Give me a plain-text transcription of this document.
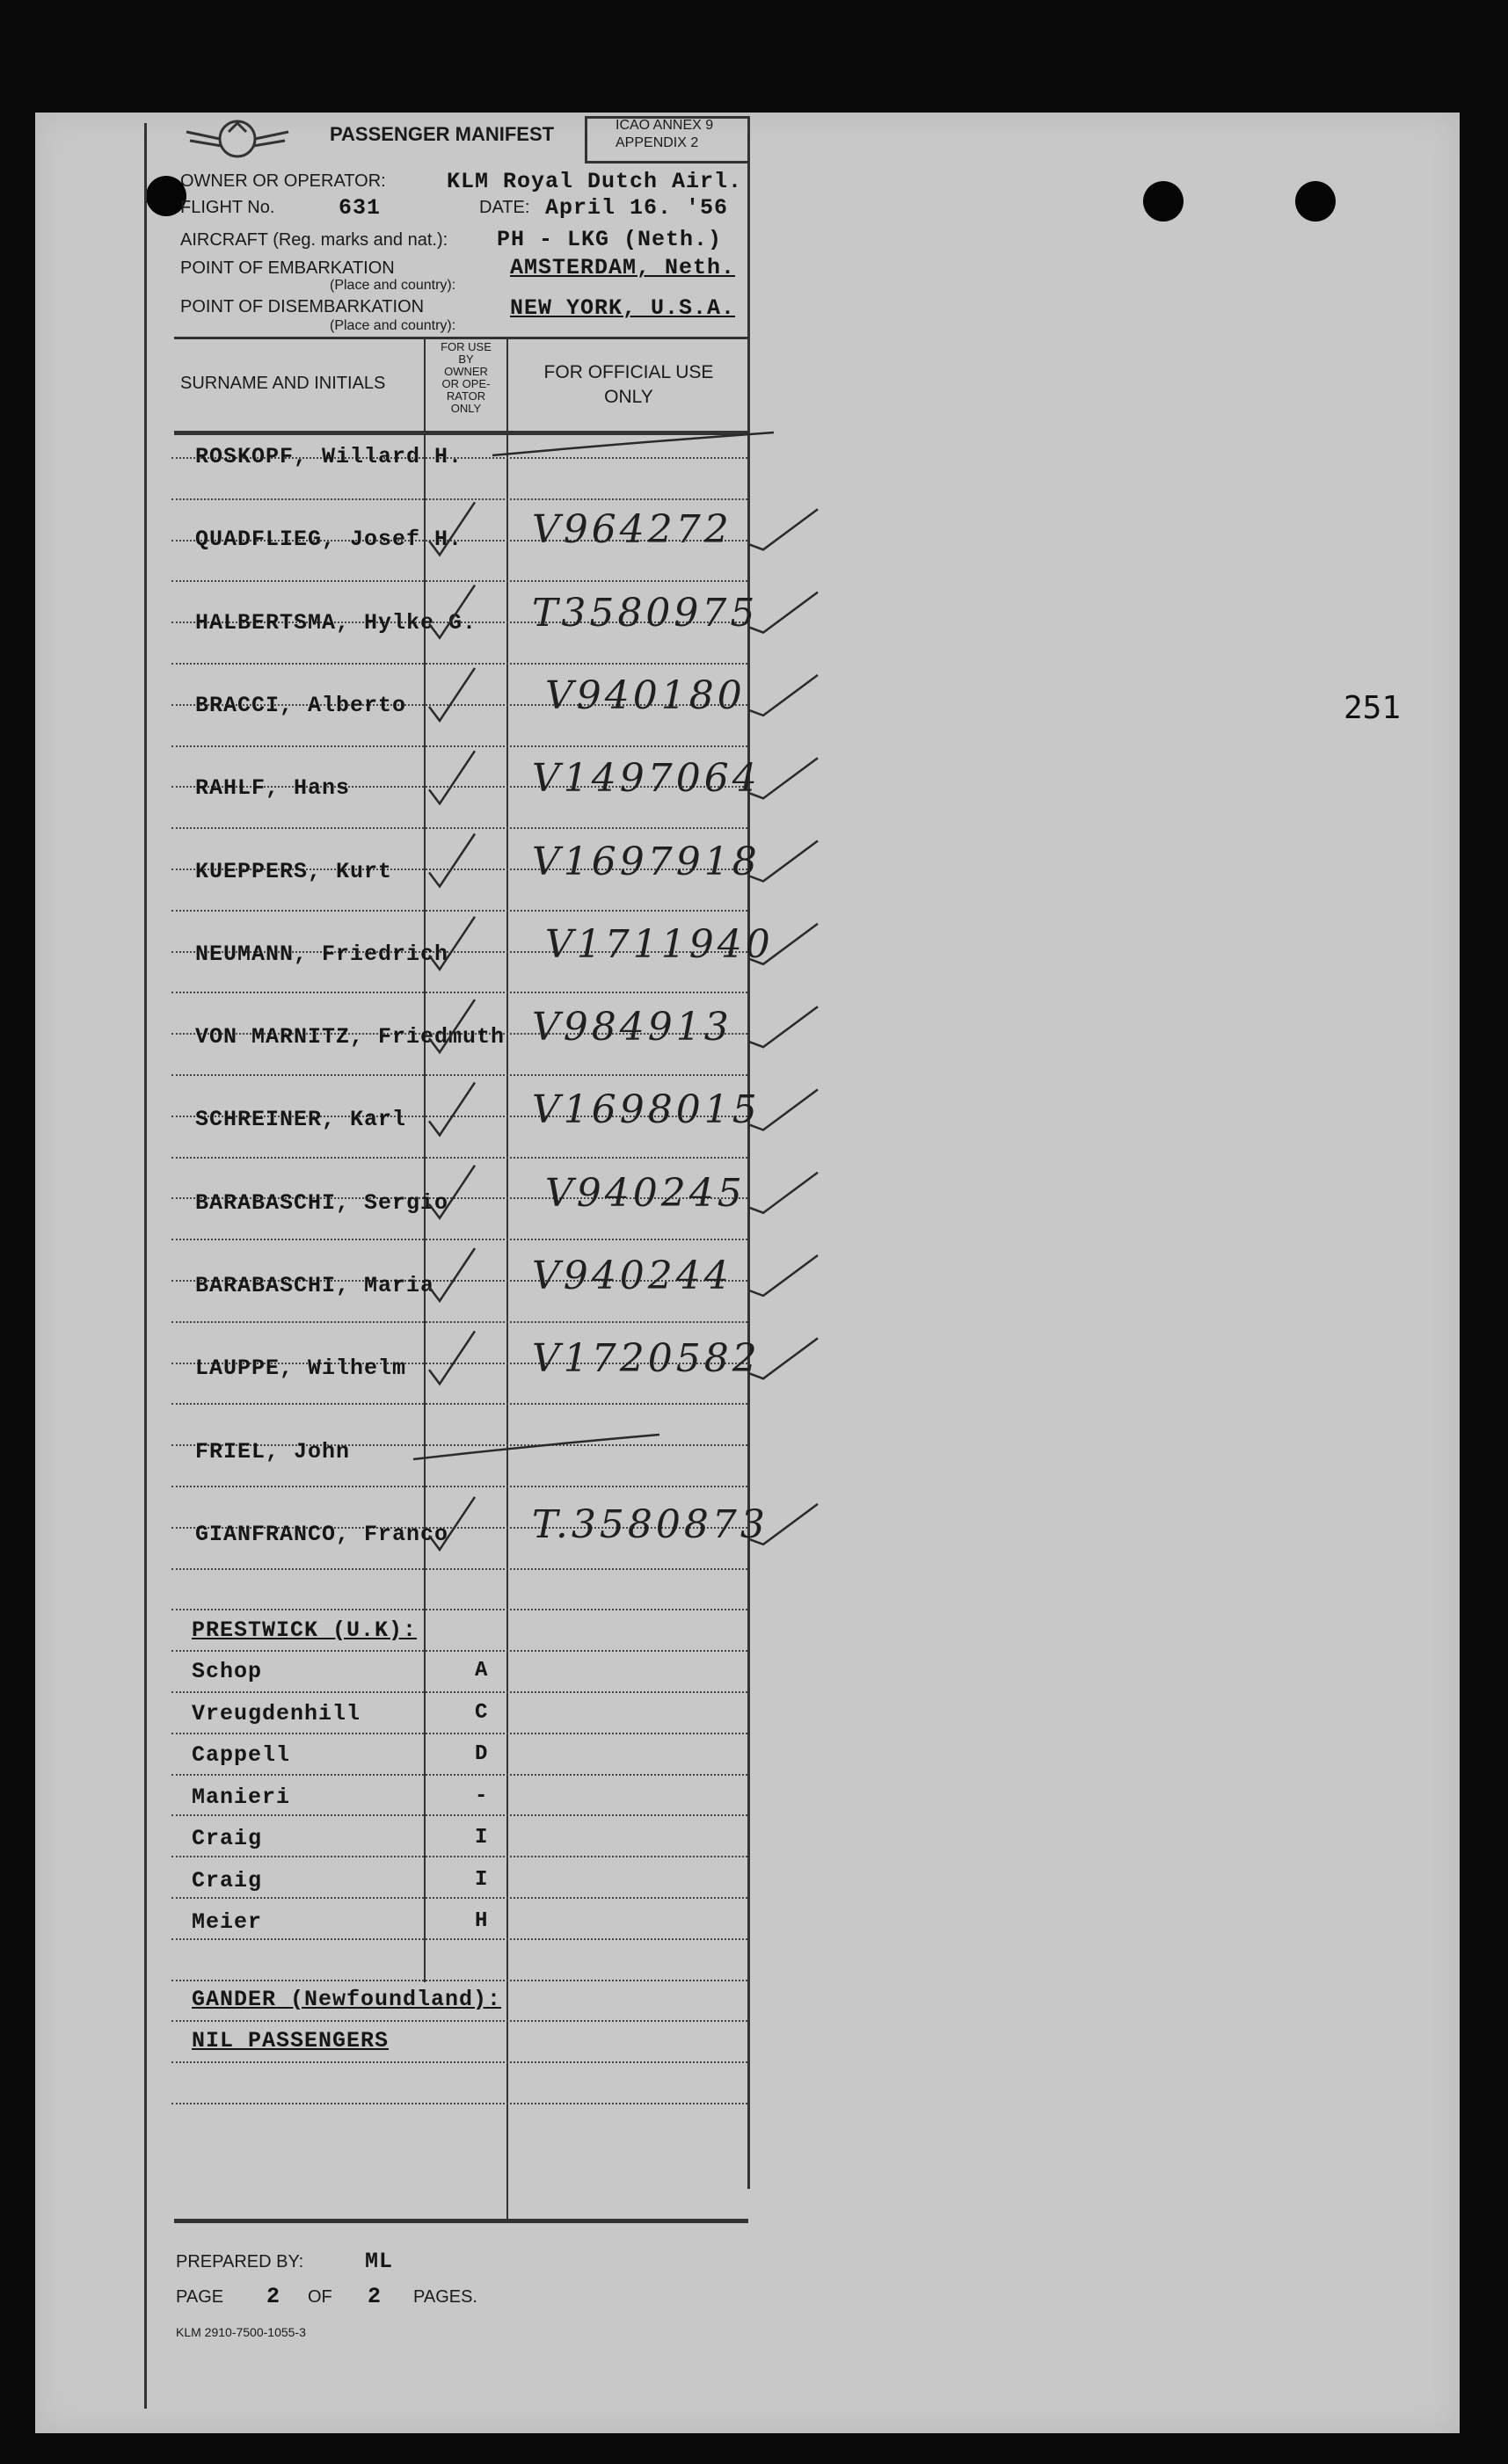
PASSENGER MANIFEST	ICAO ANNEX 9
APPENDIX 2
OWNER OR OPERATOR:	KLM Royal Dutch Airl.
FLIGHT No.	631	DATE: April 16. '56
AIRCRAFT (Reg. marks and nat.): PH - LKG (Neth.)
POINT OF EMBARKATION
(Place and country):
AMSTERDAM, Neth.
POINT OF DISEMBARKATION
(Place and country):
NEW YORK, U.S.A.
SURNAME AND INITIALS
FOR USE
BY
OWNER
OR OPE-
RATOR
ONLY
FOR OFFICIAL USE
ONLY
ROSKOPF, Willard H.
QUADFLIEG, Josef H. V964272
HALBERTSMA, Hylke G. T3580975
BRACCI, Alberto	V940180
RAHLF, Hans	V1497064
KUEPPERS, Kurt	V1697918
NEUMANN, Friedrich V1711940
VON MARNITZ, Friedmuth V984913
SCHREINER, Karl	V1698015
BARABASCHI, Sergio V940245
BARABASCHI, Maria	V940244
LAUPPE, Wilhelm	V1720582
FRIEL, John
GIANFRANCO, Franco T.3580873
PRESTWICK (U.K):
Schop	A
Vreugdenhill	C
Cappell	D
Manieri	-
Craig	I
Craig	I
Meier	H
GANDER (Newfoundland):
NIL PASSENGERS
PREPARED BY:	ML
PAGE 2 OF 2 PAGES.
KLM 2910-7500-1055-3
251
